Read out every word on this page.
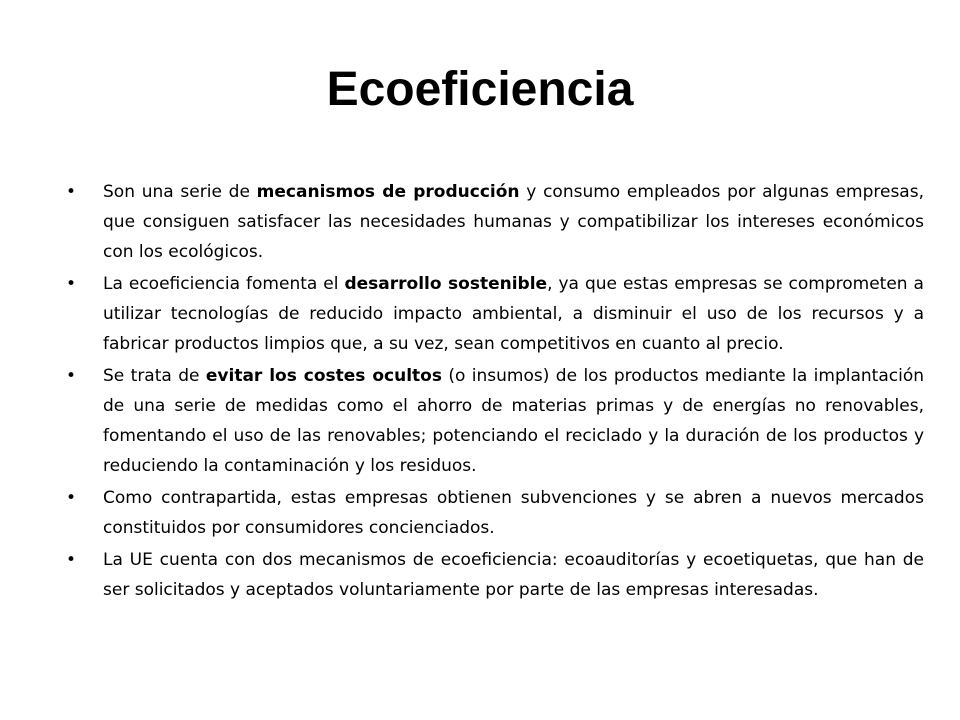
Ecoeficiencia
•	Son una serie de mecanismos de producción y consumo empleados por algunas empresas, que consiguen satisfacer las necesidades humanas y compatibilizar los intereses económicos con los ecológicos.
•	La ecoeficiencia fomenta el desarrollo sostenible, ya que estas empresas se comprometen a utilizar tecnologías de reducido impacto ambiental, a disminuir el uso de los recursos y a fabricar productos limpios que, a su vez, sean competitivos en cuanto al precio.
•	Se trata de evitar los costes ocultos (o insumos) de los productos mediante la implantación de una serie de medidas como el ahorro de materias primas y de energías no renovables, fomentando el uso de las renovables; potenciando el reciclado y la duración de los productos y reduciendo la contaminación y los residuos.
•	Como contrapartida, estas empresas obtienen subvenciones y se abren a nuevos mercados constituidos por consumidores concienciados.
•	La UE cuenta con dos mecanismos de ecoeficiencia: ecoauditorías y ecoetiquetas, que han de ser solicitados y aceptados voluntariamente por parte de las empresas interesadas.
